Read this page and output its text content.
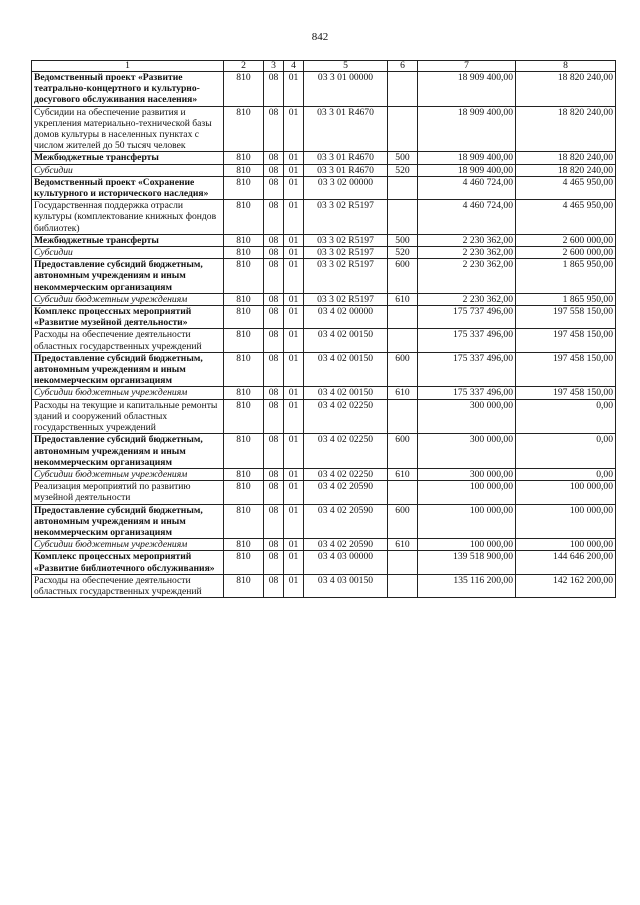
842
1	2	3	4	5	6	7	8
Ведомственный проект «Развитие театрально-концертного и культурно-досугового обслуживания населения»	810	08	01	03 3 01 00000		18 909 400,00	18 820 240,00
Субсидии на обеспечение развития и укрепления материально-технической базы домов культуры в населенных пунктах с числом жителей до 50 тысяч человек	810	08	01	03 3 01 R4670		18 909 400,00	18 820 240,00
Межбюджетные трансферты	810	08	01	03 3 01 R4670	500	18 909 400,00	18 820 240,00
Субсидии	810	08	01	03 3 01 R4670	520	18 909 400,00	18 820 240,00
Ведомственный проект «Сохранение культурного и исторического наследия»	810	08	01	03 3 02 00000		4 460 724,00	4 465 950,00
Государственная поддержка отрасли культуры (комплектование книжных фондов библиотек)	810	08	01	03 3 02 R5197		4 460 724,00	4 465 950,00
Межбюджетные трансферты	810	08	01	03 3 02 R5197	500	2 230 362,00	2 600 000,00
Субсидии	810	08	01	03 3 02 R5197	520	2 230 362,00	2 600 000,00
Предоставление субсидий бюджетным, автономным учреждениям и иным некоммерческим организациям	810	08	01	03 3 02 R5197	600	2 230 362,00	1 865 950,00
Субсидии бюджетным учреждениям	810	08	01	03 3 02 R5197	610	2 230 362,00	1 865 950,00
Комплекс процессных мероприятий «Развитие музейной деятельности»	810	08	01	03 4 02 00000		175 737 496,00	197 558 150,00
Расходы на обеспечение деятельности областных государственных учреждений	810	08	01	03 4 02 00150		175 337 496,00	197 458 150,00
Предоставление субсидий бюджетным, автономным учреждениям и иным некоммерческим организациям	810	08	01	03 4 02 00150	600	175 337 496,00	197 458 150,00
Субсидии бюджетным учреждениям	810	08	01	03 4 02 00150	610	175 337 496,00	197 458 150,00
Расходы на текущие и капитальные ремонты зданий и сооружений областных государственных учреждений	810	08	01	03 4 02 02250		300 000,00	0,00
Предоставление субсидий бюджетным, автономным учреждениям и иным некоммерческим организациям	810	08	01	03 4 02 02250	600	300 000,00	0,00
Субсидии бюджетным учреждениям	810	08	01	03 4 02 02250	610	300 000,00	0,00
Реализация мероприятий по развитию музейной деятельности	810	08	01	03 4 02 20590		100 000,00	100 000,00
Предоставление субсидий бюджетным, автономным учреждениям и иным некоммерческим организациям	810	08	01	03 4 02 20590	600	100 000,00	100 000,00
Субсидии бюджетным учреждениям	810	08	01	03 4 02 20590	610	100 000,00	100 000,00
Комплекс процессных мероприятий «Развитие библиотечного обслуживания»	810	08	01	03 4 03 00000		139 518 900,00	144 646 200,00
Расходы на обеспечение деятельности областных государственных учреждений	810	08	01	03 4 03 00150		135 116 200,00	142 162 200,00
